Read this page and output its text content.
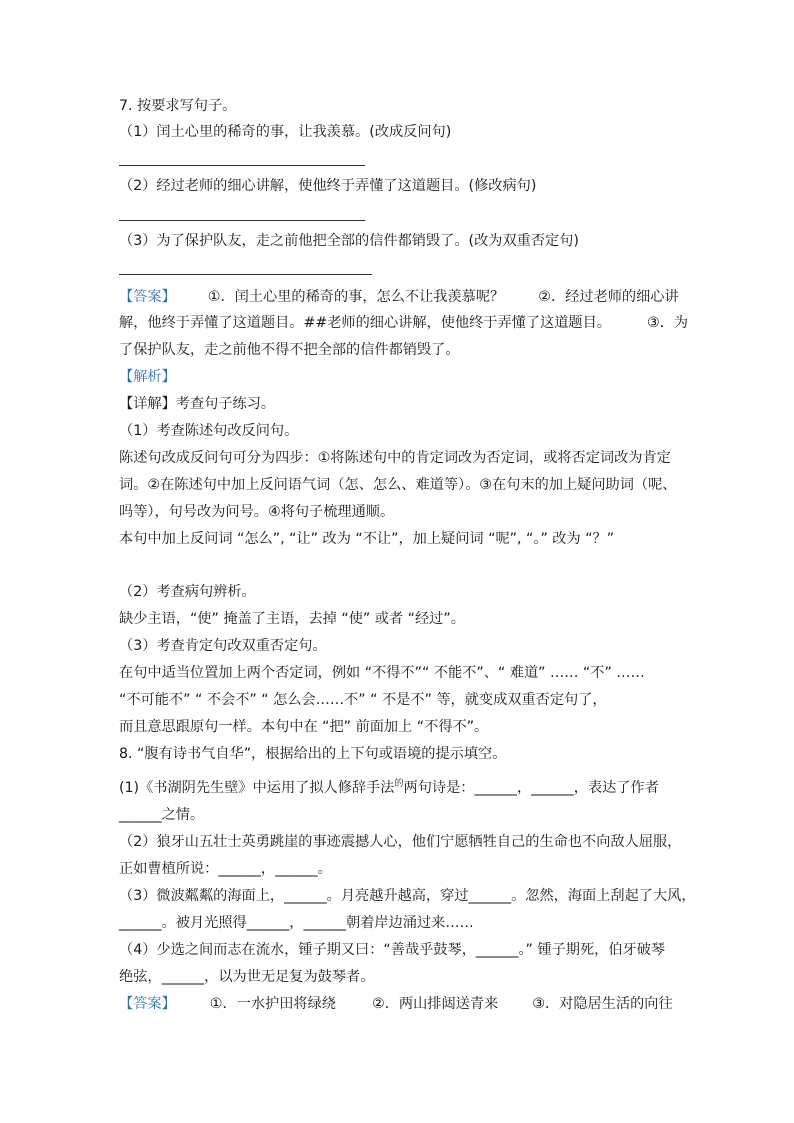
7. 按要求写句子。
（1）闰土心里的稀奇的事，让我羡慕。(改成反问句)
（2）经过老师的细心讲解，使他终于弄懂了这道题目。(修改病句)
（3）为了保护队友，走之前他把全部的信件都销毁了。(改为双重否定句)
【答案】 ①．闰土心里的稀奇的事，怎么不让我羡慕呢？ ②．经过老师的细心讲
解，他终于弄懂了这道题目。##老师的细心讲解，使他终于弄懂了这道题目。	③．为
了保护队友，走之前他不得不把全部的信件都销毁了。
【解析】
【详解】考查句子练习。
（1）考查陈述句改反问句。
陈述句改成反问句可分为四步：①将陈述句中的肯定词改为否定词，或将否定词改为肯定
词。②在陈述句中加上反问语气词（怎、怎么、难道等）。③在句末的加上疑问助词（呢、
吗等），句号改为问号。④将句子梳理通顺。
本句中加上反问词 “怎么”, “让” 改为 “不让”，加上疑问词 “呢”, “。” 改为 “？”
（2）考查病句辨析。
缺少主语，“使” 掩盖了主语，去掉 “使” 或者 “经过”。
（3）考查肯定句改双重否定句。
在句中适当位置加上两个否定词，例如 “不得不”“ 不能不”、“ 难道” …… “不” ……
“不可能不” “ 不会不” “ 怎么会……不” “ 不是不” 等，就变成双重否定句了，
而且意思跟原句一样。本句中在 “把” 前面加上 “不得不”。
8. “腹有诗书气自华”，根据给出的上下句或语境的提示填空。
(1)《书湖阴先生壁》中运用了拟人修辞手法$^的$两句诗是：______，______，表达了作者
______之情。
（2）狼牙山五壮士英勇跳崖的事迹震撼人心，他们宁愿牺牲自己的生命也不向敌人屈服，
正如曹植所说：______，______。
（3）微波粼粼的海面上，______。月亮越升越高，穿过______。忽然，海面上刮起了大风，
______。被月光照得______，______朝着岸边涌过来……
（4）少选之间而志在流水，锺子期又曰：“善哉乎鼓琴，______。” 锺子期死，伯牙破琴
绝弦，______，以为世无足复为鼓琴者。
【答案】 ①．一水护田将绿绕	②．两山排闼送青来 ③．对隐居生活的向往
